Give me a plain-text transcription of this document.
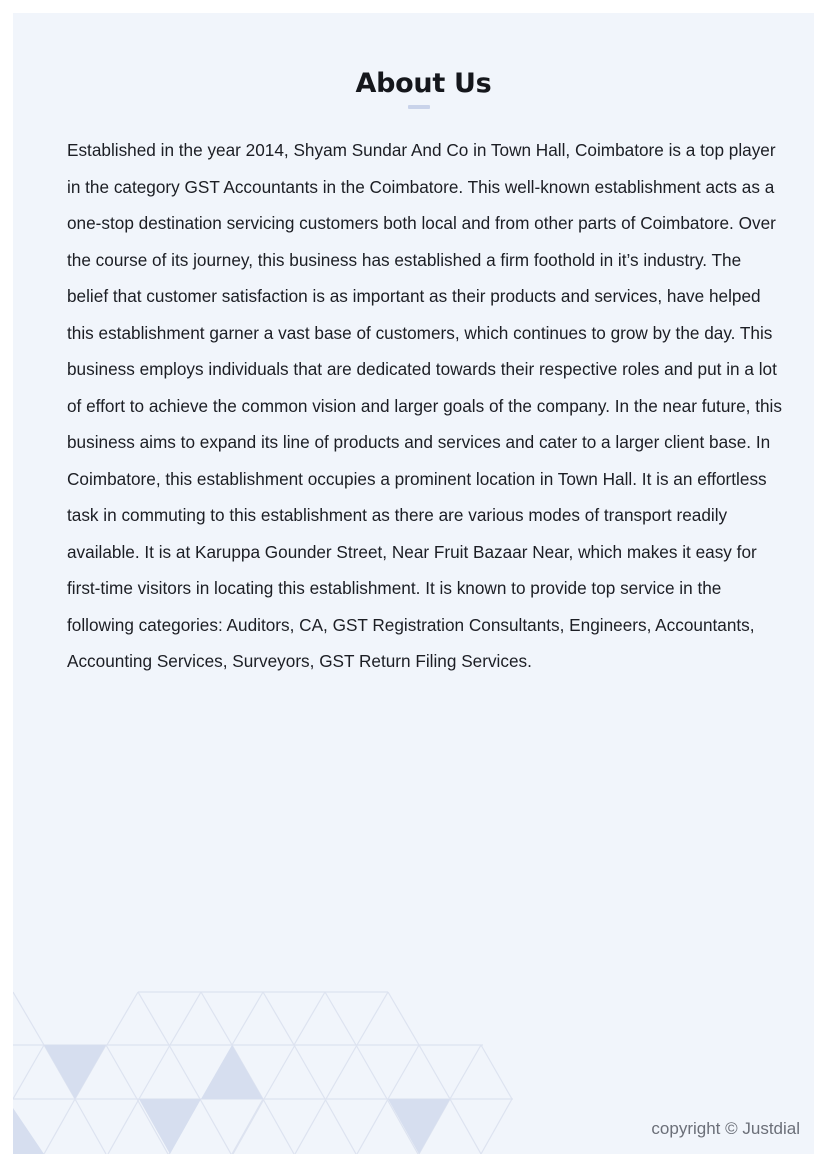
About Us

Established in the year 2014, Shyam Sundar And Co in Town Hall, Coimbatore is a top player in the category GST Accountants in the Coimbatore. This well-known establishment acts as a one-stop destination servicing customers both local and from other parts of Coimbatore. Over the course of its journey, this business has established a firm foothold in it’s industry. The belief that customer satisfaction is as important as their products and services, have helped this establishment garner a vast base of customers, which continues to grow by the day. This business employs individuals that are dedicated towards their respective roles and put in a lot of effort to achieve the common vision and larger goals of the company. In the near future, this business aims to expand its line of products and services and cater to a larger client base. In Coimbatore, this establishment occupies a prominent location in Town Hall. It is an effortless task in commuting to this establishment as there are various modes of transport readily available. It is at Karuppa Gounder Street, Near Fruit Bazaar Near, which makes it easy for first-time visitors in locating this establishment. It is known to provide top service in the following categories: Auditors, CA, GST Registration Consultants, Engineers, Accountants, Accounting Services, Surveyors, GST Return Filing Services.

copyright © Justdial
